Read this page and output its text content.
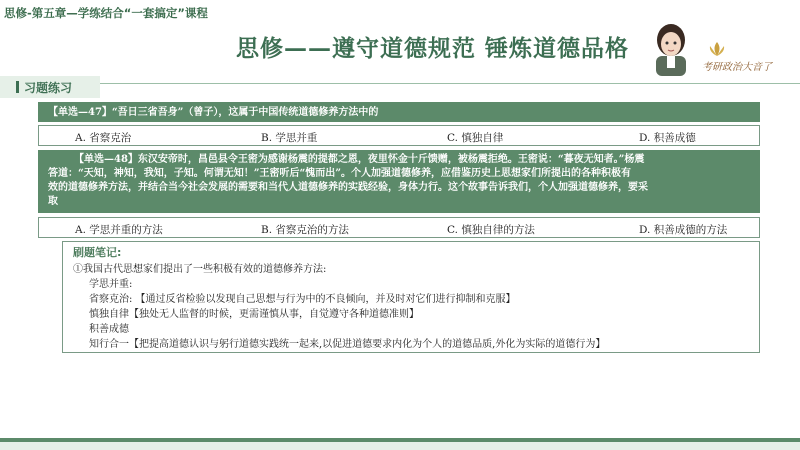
思修-第五章—学练结合“一套搞定”课程
思修——遵守道德规范 锤炼道德品格
考研政治大音了
习题练习
【单选—47】“吾日三省吾身”（曾子），这属于中国传统道德修养方法中的
A. 省察克治	B. 学思并重	C. 慎独自律	D. 积善成德
【单选—48】东汉安帝时，昌邑县令王密为感谢杨震的提都之恩，夜里怀金十斤馈赠，被杨震拒绝。王密说：“暮夜无知者。”杨震
答道：“天知，神知，我知，子知。何谓无知！”王密听后“愧而出”。个人加强道德修养，应借鉴历史上思想家们所提出的各种积极有
效的道德修养方法，并结合当今社会发展的需要和当代人道德修养的实践经验，身体力行。这个故事告诉我们，个人加强道德修养，要采
取
A. 学思并重的方法	B. 省察克治的方法	C. 慎独自律的方法	D. 积善成德的方法
刷题笔记:
①我国古代思想家们提出了一些积极有效的道德修养方法:
学思并重:
省察克治: 【通过反省检验以发现自己思想与行为中的不良倾向，并及时对它们进行抑制和克服】
慎独自律【独处无人监督的时候，更需谨慎从事，自觉遵守各种道德准则】
积善成德
知行合一【把提高道德认识与躬行道德实践统一起来,以促进道德要求内化为个人的道德品质,外化为实际的道德行为】
